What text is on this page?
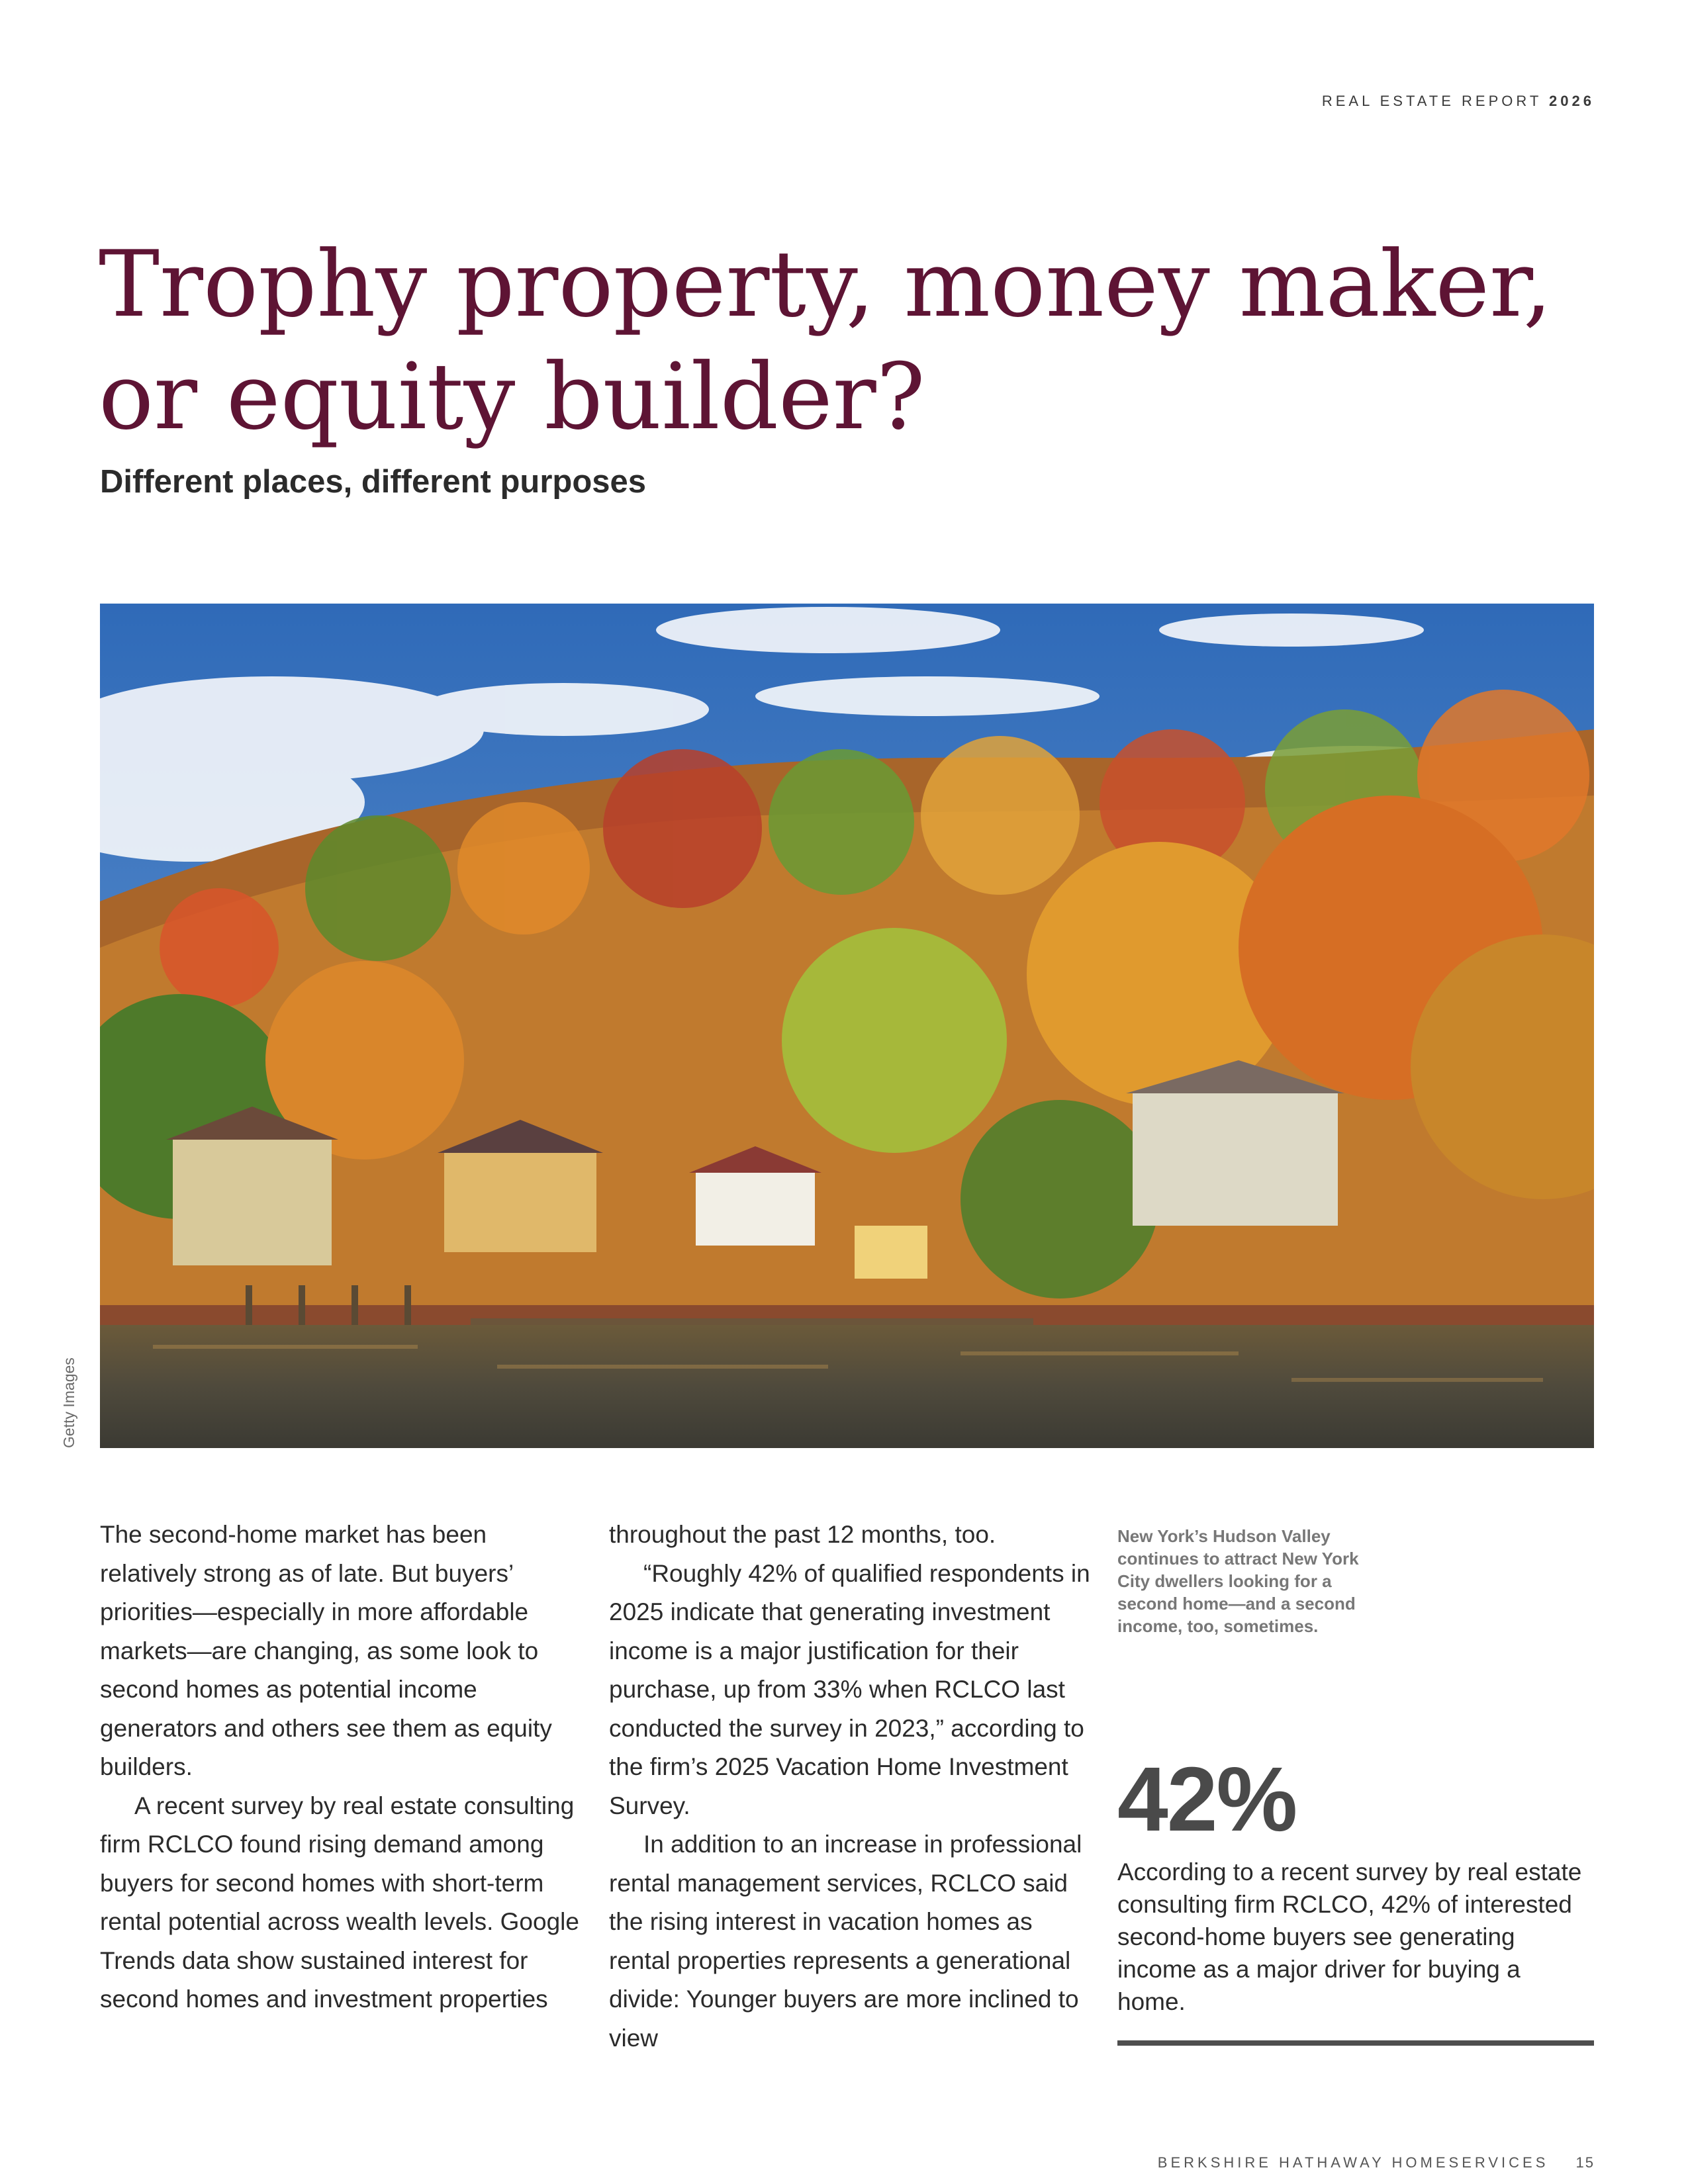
REAL ESTATE REPORT 2026
Trophy property, money maker,
or equity builder?
Different places, different purposes
Getty Images

The second-home market has been relatively strong as of late. But buyers’ priorities—especially in more affordable markets—are changing, as some look to second homes as potential income generators and others see them as equity builders.

A recent survey by real estate consulting firm RCLCO found rising demand among buyers for second homes with short-term rental potential across wealth levels. Google Trends data show sustained interest for second homes and investment properties

throughout the past 12 months, too.

“Roughly 42% of qualified respondents in 2025 indicate that generating investment income is a major justification for their purchase, up from 33% when RCLCO last conducted the survey in 2023,” according to the firm’s 2025 Vacation Home Investment Survey.

In addition to an increase in professional rental management services, RCLCO said the rising interest in vacation homes as rental properties represents a generational divide: Younger buyers are more inclined to view

New York’s Hudson Valley continues to attract New York City dwellers looking for a second home—and a second income, too, sometimes.
42%
According to a recent survey by real estate consulting firm RCLCO, 42% of interested second-home buyers see generating income as a major driver for buying a home.
BERKSHIRE HATHAWAY HOMESERVICES 15
